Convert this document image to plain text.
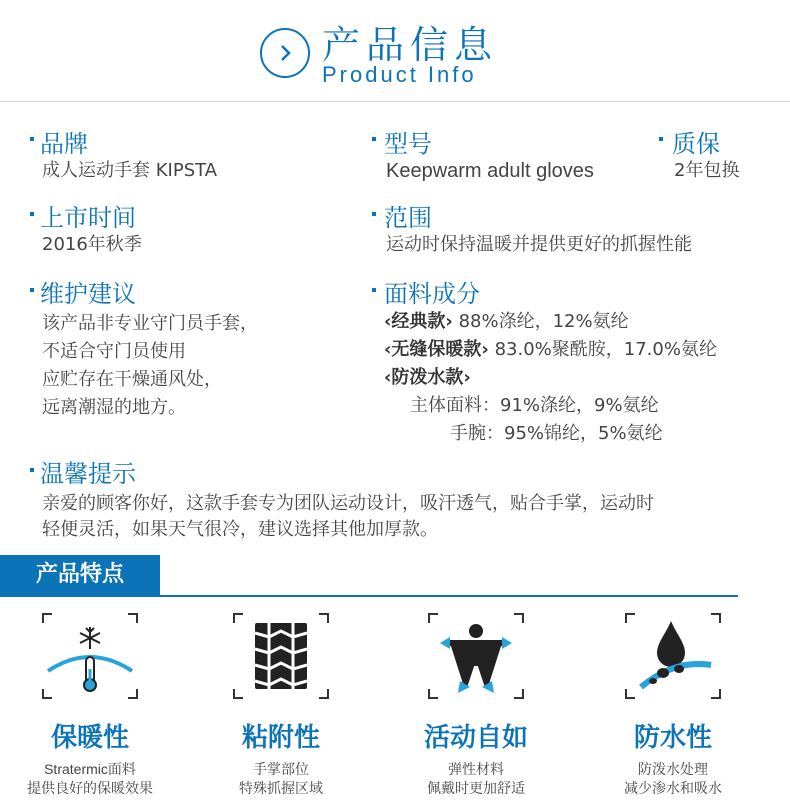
产品信息
Product Info
品牌
成人运动手套 KIPSTA
型号
Keepwarm adult gloves
质保
2年包换
上市时间
2016年秋季
范围
运动时保持温暖并提供更好的抓握性能
维护建议
该产品非专业守门员手套，
不适合守门员使用
应贮存在干燥通风处，
远离潮湿的地方。
面料成分
‹经典款› 88%涤纶，12%氨纶
‹无缝保暖款› 83.0%聚酰胺，17.0%氨纶
‹防泼水款›
主体面料：91%涤纶，9%氨纶
手腕：95%锦纶，5%氨纶
温馨提示
亲爱的顾客你好，这款手套专为团队运动设计，吸汗透气，贴合手掌，运动时
轻便灵活，如果天气很冷，建议选择其他加厚款。
产品特点
保暖性
Stratermic面料
提供良好的保暖效果
粘附性
手掌部位
特殊抓握区域
活动自如
弹性材料
佩戴时更加舒适
防水性
防泼水处理
减少渗水和吸水
